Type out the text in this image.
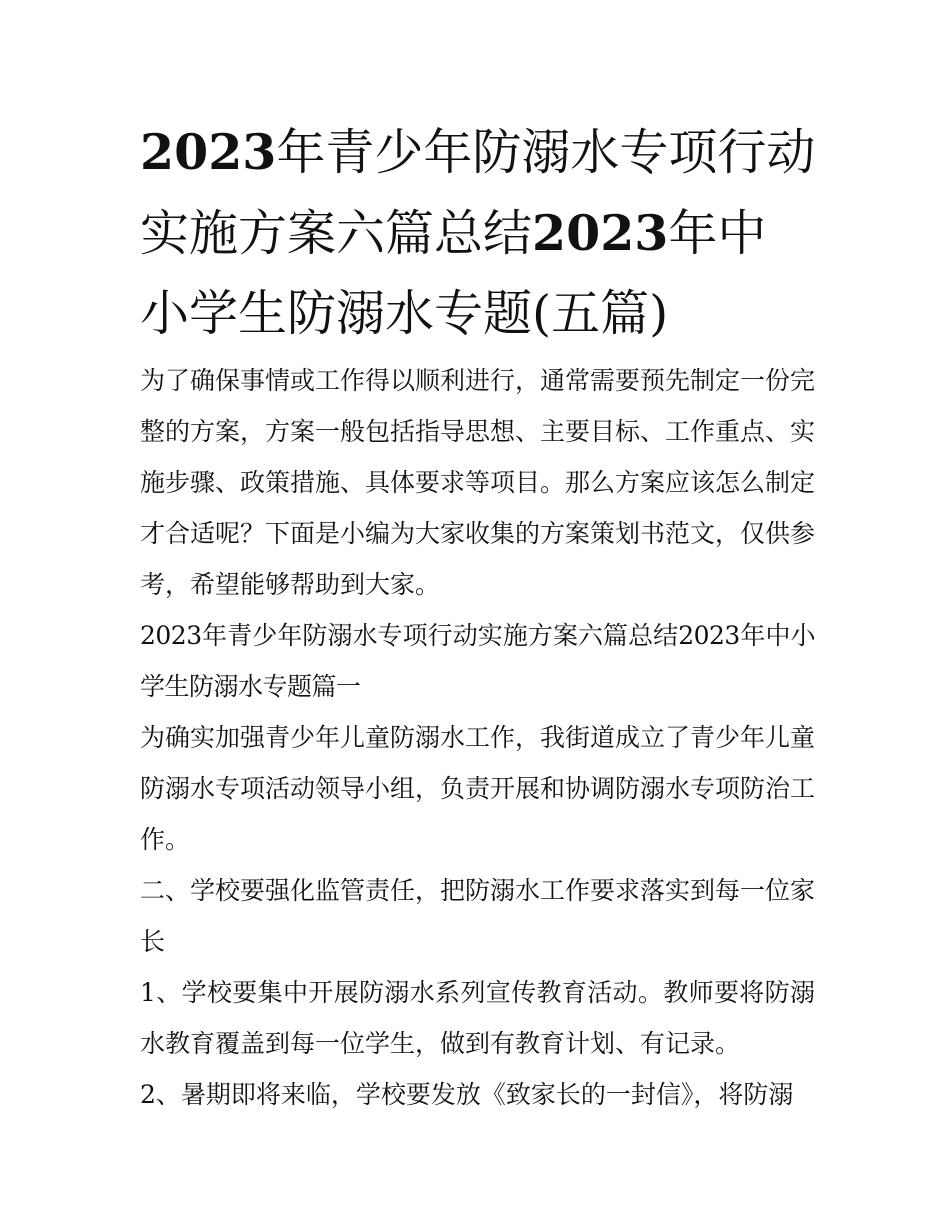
2023年青少年防溺水专项行动
实施方案六篇总结2023年中
小学生防溺水专题(五篇)

为了确保事情或工作得以顺利进行，通常需要预先制定一份完整的方案，方案一般包括指导思想、主要目标、工作重点、实施步骤、政策措施、具体要求等项目。那么方案应该怎么制定才合适呢？下面是小编为大家收集的方案策划书范文，仅供参考，希望能够帮助到大家。

2023年青少年防溺水专项行动实施方案六篇总结2023年中小学生防溺水专题篇一

为确实加强青少年儿童防溺水工作，我街道成立了青少年儿童防溺水专项活动领导小组，负责开展和协调防溺水专项防治工作。

二、学校要强化监管责任，把防溺水工作要求落实到每一位家长

1、学校要集中开展防溺水系列宣传教育活动。教师要将防溺水教育覆盖到每一位学生，做到有教育计划、有记录。

2、暑期即将来临，学校要发放《致家长的一封信》，将防溺
